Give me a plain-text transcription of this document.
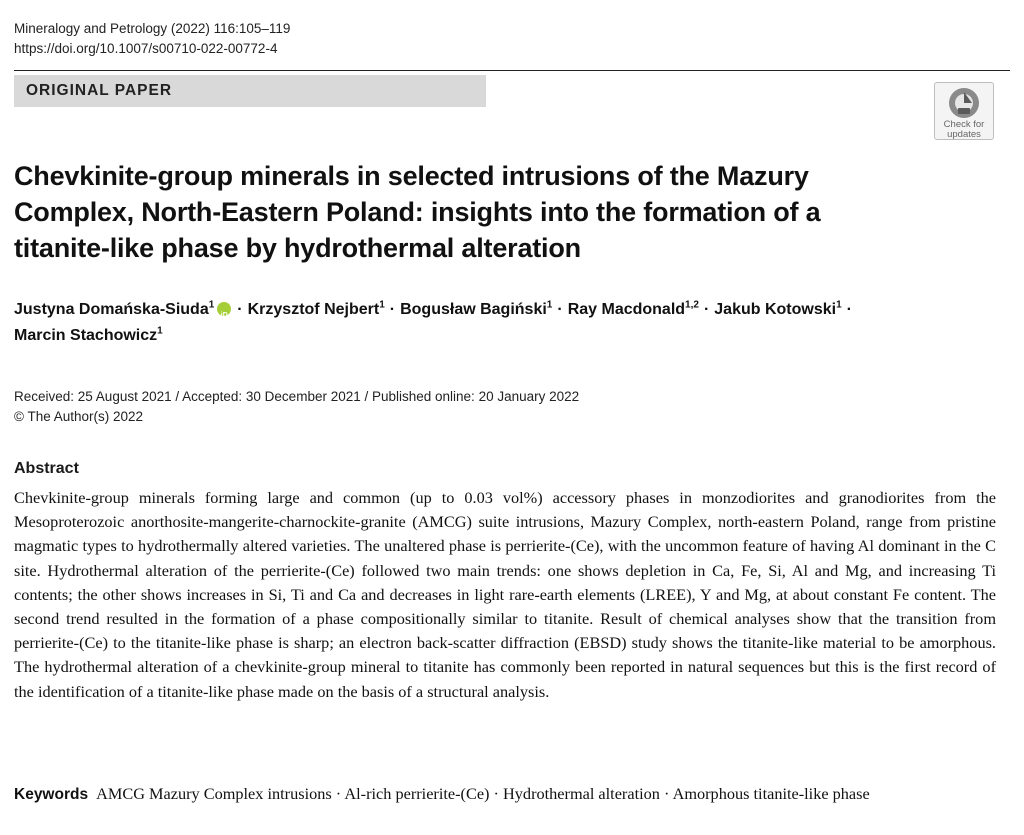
Mineralogy and Petrology (2022) 116:105–119
https://doi.org/10.1007/s00710-022-00772-4
ORIGINAL PAPER
Check for
updates
Chevkinite-group minerals in selected intrusions of the Mazury Complex, North-Eastern Poland: insights into the formation of a titanite-like phase by hydrothermal alteration
Justyna Domańska-Siuda$^1$iD · Krzysztof Nejbert$^1$ · Bogusław Bagiński$^1$ · Ray Macdonald$^{1,2}$ · Jakub Kotowski$^1$ ·
Marcin Stachowicz$^1$
Received: 25 August 2021 / Accepted: 30 December 2021 / Published online: 20 January 2022
© The Author(s) 2022
Abstract

Chevkinite-group minerals forming large and common (up to 0.03 vol%) accessory phases in monzodiorites and granodiorites from the Mesoproterozoic anorthosite-mangerite-charnockite-granite (AMCG) suite intrusions, Mazury Complex, north-eastern Poland, range from pristine magmatic types to hydrothermally altered varieties. The unaltered phase is perrierite-(Ce), with the uncommon feature of having Al dominant in the C site. Hydrothermal alteration of the perrierite-(Ce) followed two main trends: one shows depletion in Ca, Fe, Si, Al and Mg, and increasing Ti contents; the other shows increases in Si, Ti and Ca and decreases in light rare-earth elements (LREE), Y and Mg, at about constant Fe content. The second trend resulted in the formation of a phase compositionally similar to titanite. Result of chemical analyses show that the transition from perrierite-(Ce) to the titanite-like phase is sharp; an electron back-scatter diffraction (EBSD) study shows the titanite-like material to be amorphous. The hydrothermal alteration of a chevkinite-group mineral to titanite has commonly been reported in natural sequences but this is the first record of the identification of a titanite-like phase made on the basis of a structural analysis.

Keywords AMCG Mazury Complex intrusions · Al-rich perrierite-(Ce) · Hydrothermal alteration · Amorphous titanite-like phase
